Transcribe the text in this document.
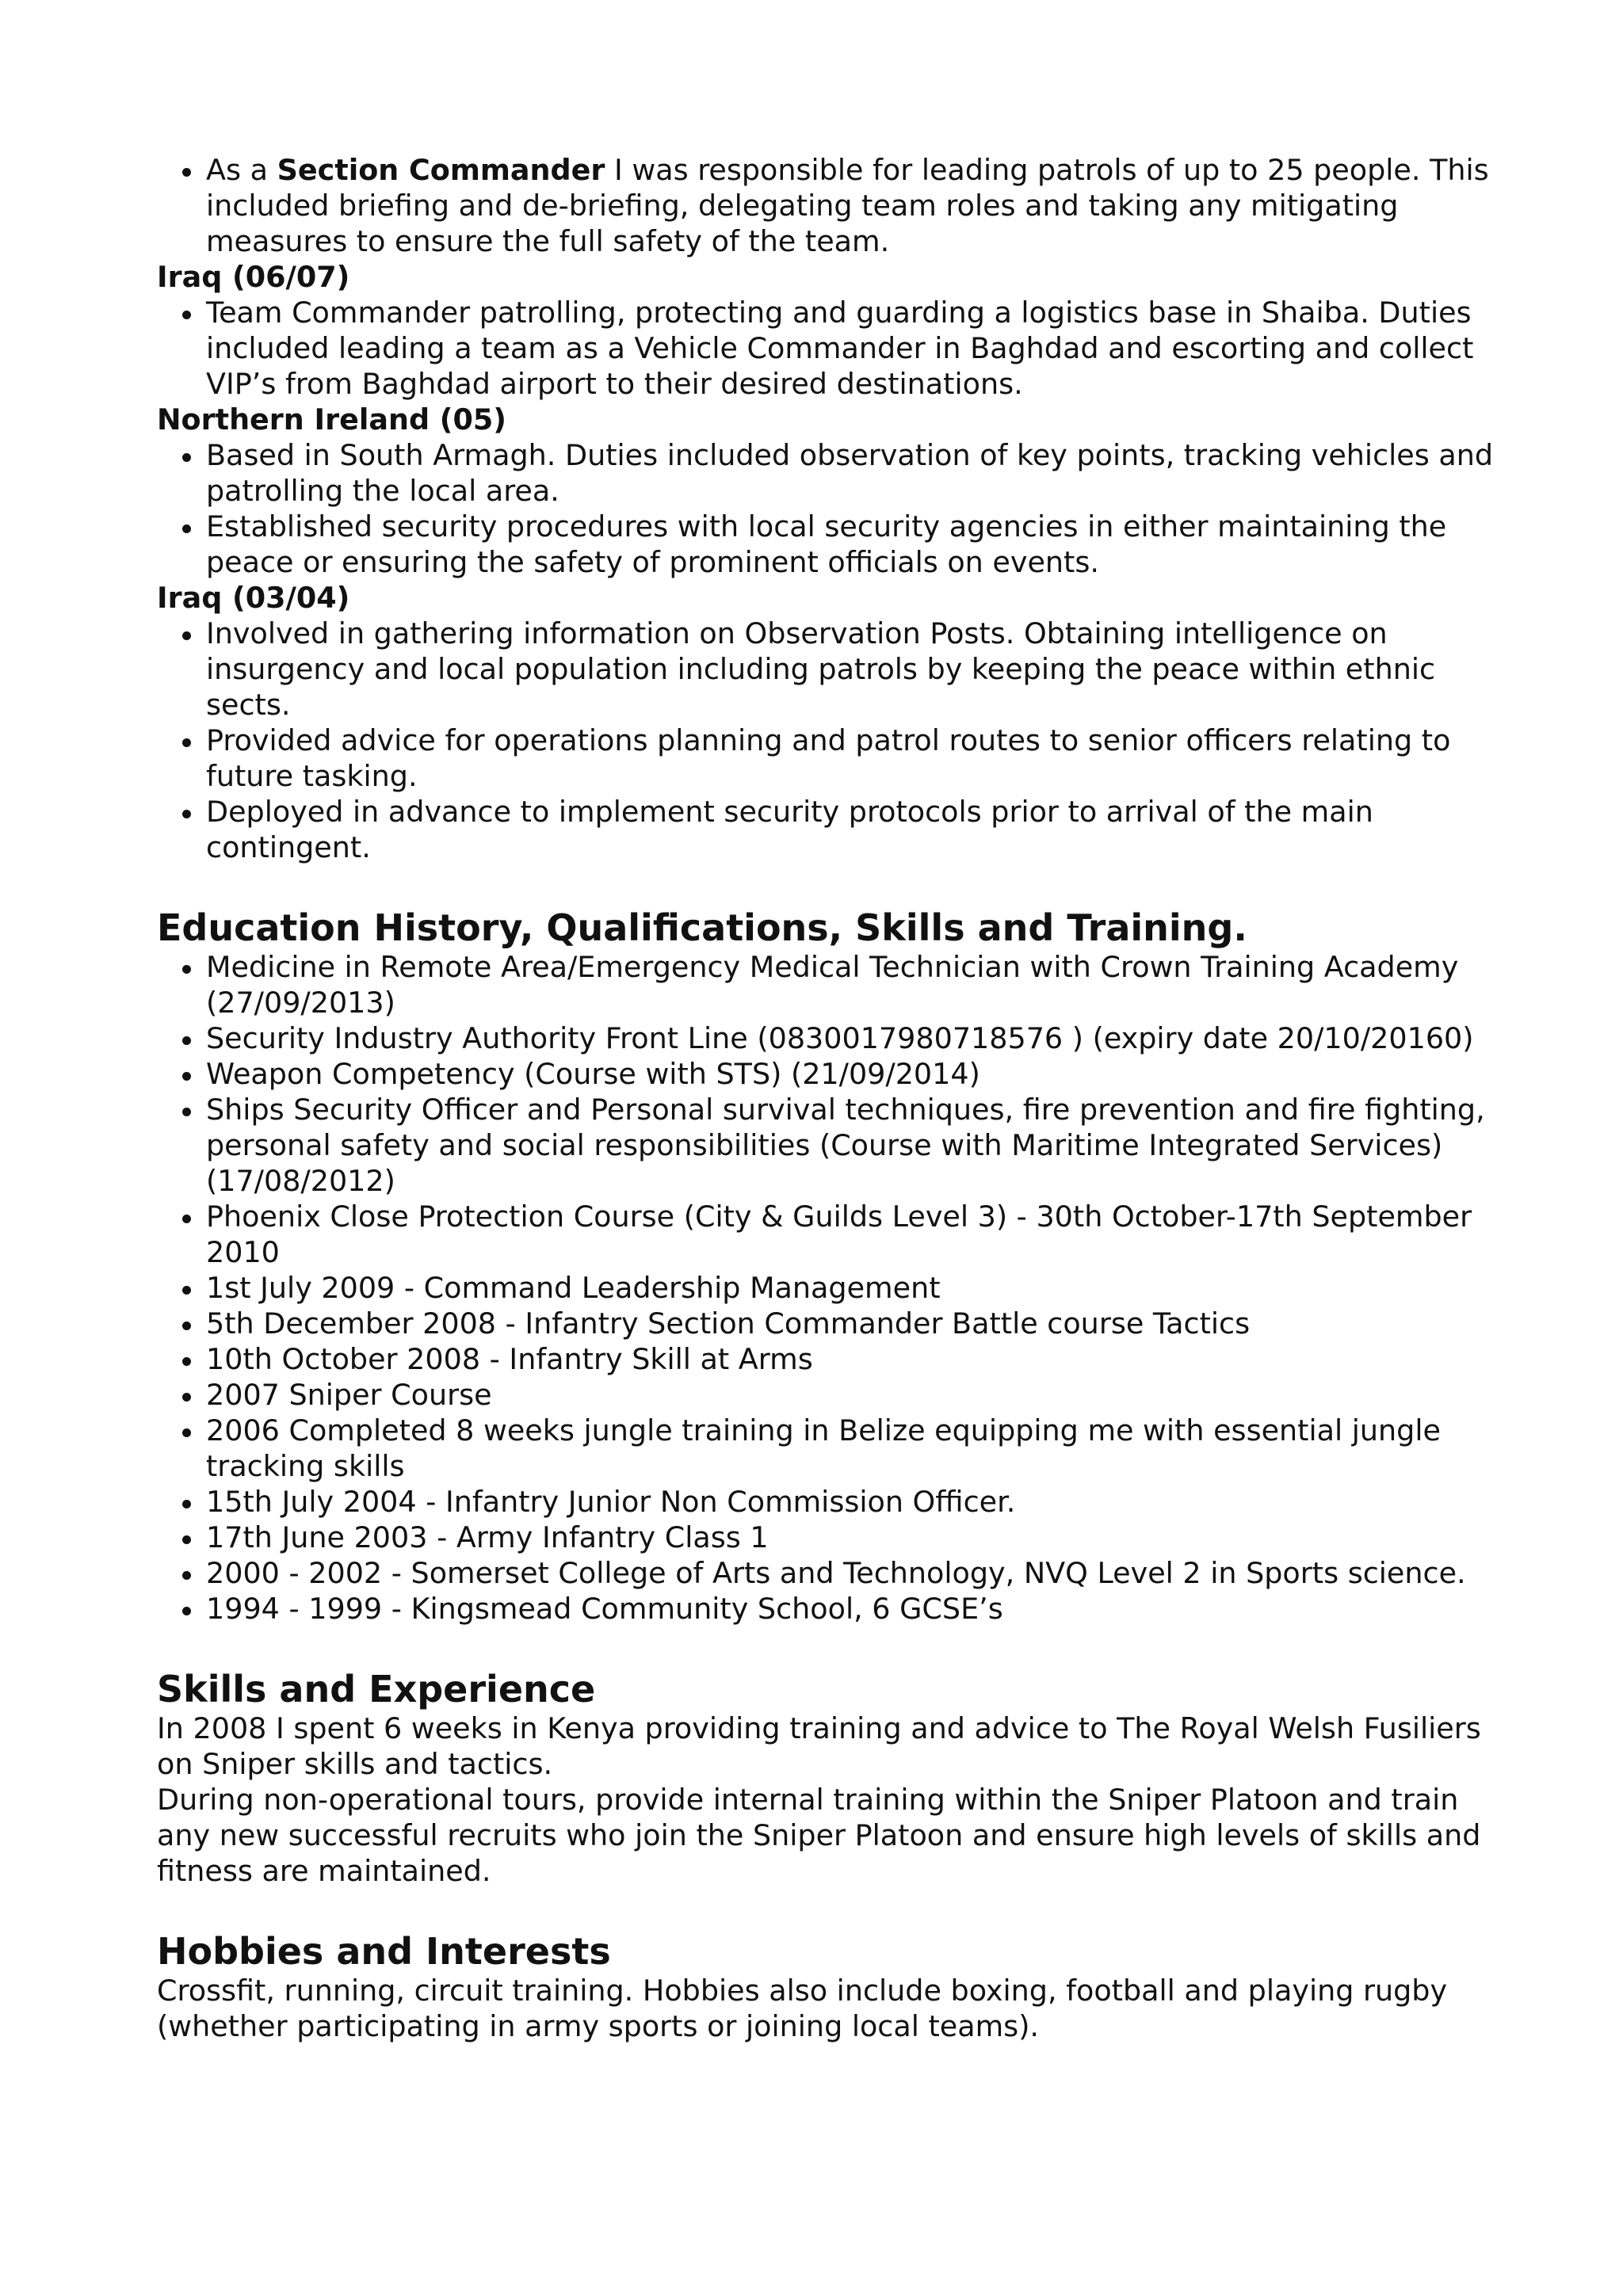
As a Section Commander I was responsible for leading patrols of up to 25 people. This included briefing and de-briefing, delegating team roles and taking any mitigating measures to ensure the full safety of the team.
Iraq (06/07)
Team Commander patrolling, protecting and guarding a logistics base in Shaiba. Duties included leading a team as a Vehicle Commander in Baghdad and escorting and collect VIP’s from Baghdad airport to their desired destinations.
Northern Ireland (05)
Based in South Armagh. Duties included observation of key points, tracking vehicles and patrolling the local area.
Established security procedures with local security agencies in either maintaining the peace or ensuring the safety of prominent officials on events.
Iraq (03/04)
Involved in gathering information on Observation Posts. Obtaining intelligence on insurgency and local population including patrols by keeping the peace within ethnic sects.
Provided advice for operations planning and patrol routes to senior officers relating to future tasking.
Deployed in advance to implement security protocols prior to arrival of the main contingent.
Education History, Qualifications, Skills and Training.
Medicine in Remote Area/Emergency Medical Technician with Crown Training Academy (27/09/2013)
Security Industry Authority Front Line (0830017980718576 ) (expiry date 20/10/20160)
Weapon Competency (Course with STS) (21/09/2014)
Ships Security Officer and Personal survival techniques, fire prevention and fire fighting, personal safety and social responsibilities (Course with Maritime Integrated Services) (17/08/2012)
Phoenix Close Protection Course (City & Guilds Level 3) - 30th October-17th September 2010
1st July 2009 - Command Leadership Management
5th December 2008 - Infantry Section Commander Battle course Tactics
10th October 2008 - Infantry Skill at Arms
2007 Sniper Course
2006 Completed 8 weeks jungle training in Belize equipping me with essential jungle tracking skills
15th July 2004 - Infantry Junior Non Commission Officer.
17th June 2003 - Army Infantry Class 1
2000 - 2002 - Somerset College of Arts and Technology, NVQ Level 2 in Sports science.
1994 - 1999 - Kingsmead Community School, 6 GCSE’s
Skills and Experience

In 2008 I spent 6 weeks in Kenya providing training and advice to The Royal Welsh Fusiliers on Sniper skills and tactics.

During non-operational tours, provide internal training within the Sniper Platoon and train any new successful recruits who join the Sniper Platoon and ensure high levels of skills and fitness are maintained.

Hobbies and Interests

Crossfit, running, circuit training. Hobbies also include boxing, football and playing rugby (whether participating in army sports or joining local teams).
